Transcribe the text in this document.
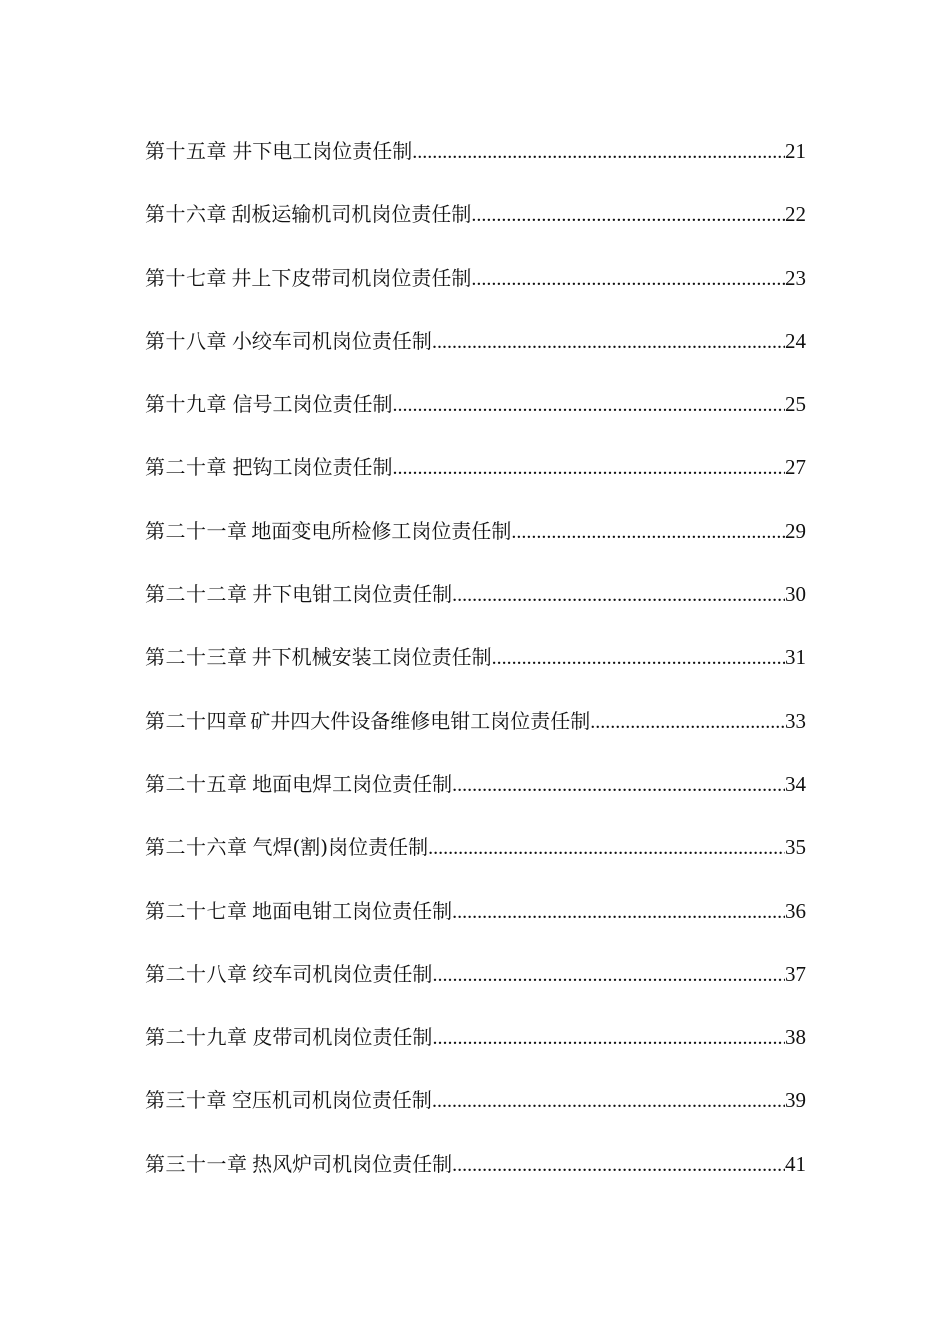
第十五章 井下电工岗位责任制 .....	21
第十六章 刮板运输机司机岗位责任制 .....	22
第十七章 井上下皮带司机岗位责任制 .....	23
第十八章 小绞车司机岗位责任制 .....	24
第十九章 信号工岗位责任制 .....	25
第二十章 把钩工岗位责任制 .....	27
第二十一章 地面变电所检修工岗位责任制 .....	29
第二十二章 井下电钳工岗位责任制 .....	30
第二十三章 井下机械安装工岗位责任制 .....	31
第二十四章 矿井四大件设备维修电钳工岗位责任制 .....	33
第二十五章 地面电焊工岗位责任制 .....	34
第二十六章 气焊(割)岗位责任制 .....	35
第二十七章 地面电钳工岗位责任制 .....	36
第二十八章 绞车司机岗位责任制 .....	37
第二十九章 皮带司机岗位责任制 .....	38
第三十章 空压机司机岗位责任制 .....	39
第三十一章 热风炉司机岗位责任制 .....	41
